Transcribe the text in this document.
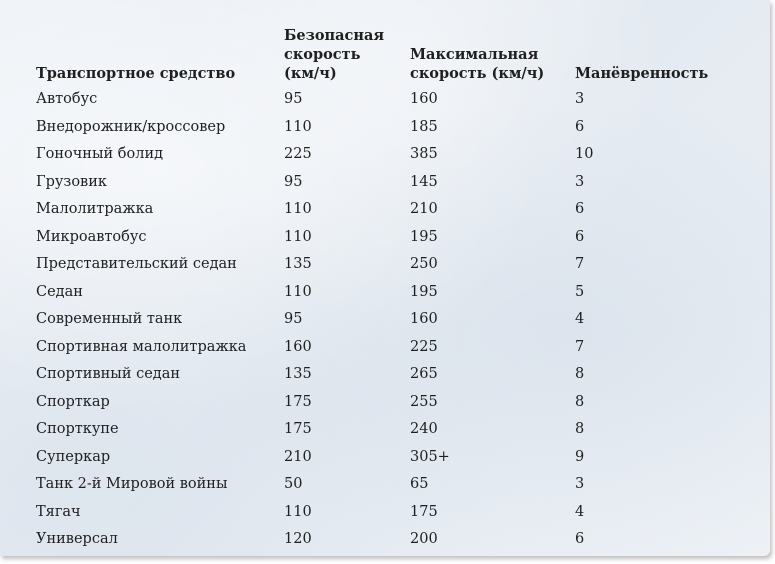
Транспортное средство	Безопасная скорость (км/ч)	Максимальная скорость (км/ч)	Манёвренность
Автобус	95	160	3
Внедорожник/кроссовер	110	185	6
Гоночный болид	225	385	10
Грузовик	95	145	3
Малолитражка	110	210	6
Микроавтобус	110	195	6
Представительский седан	135	250	7
Седан	110	195	5
Современный танк	95	160	4
Спортивная малолитражка	160	225	7
Спортивный седан	135	265	8
Спорткар	175	255	8
Спорткупе	175	240	8
Суперкар	210	305+	9
Танк 2-й Мировой войны	50	65	3
Тягач	110	175	4
Универсал	120	200	6
